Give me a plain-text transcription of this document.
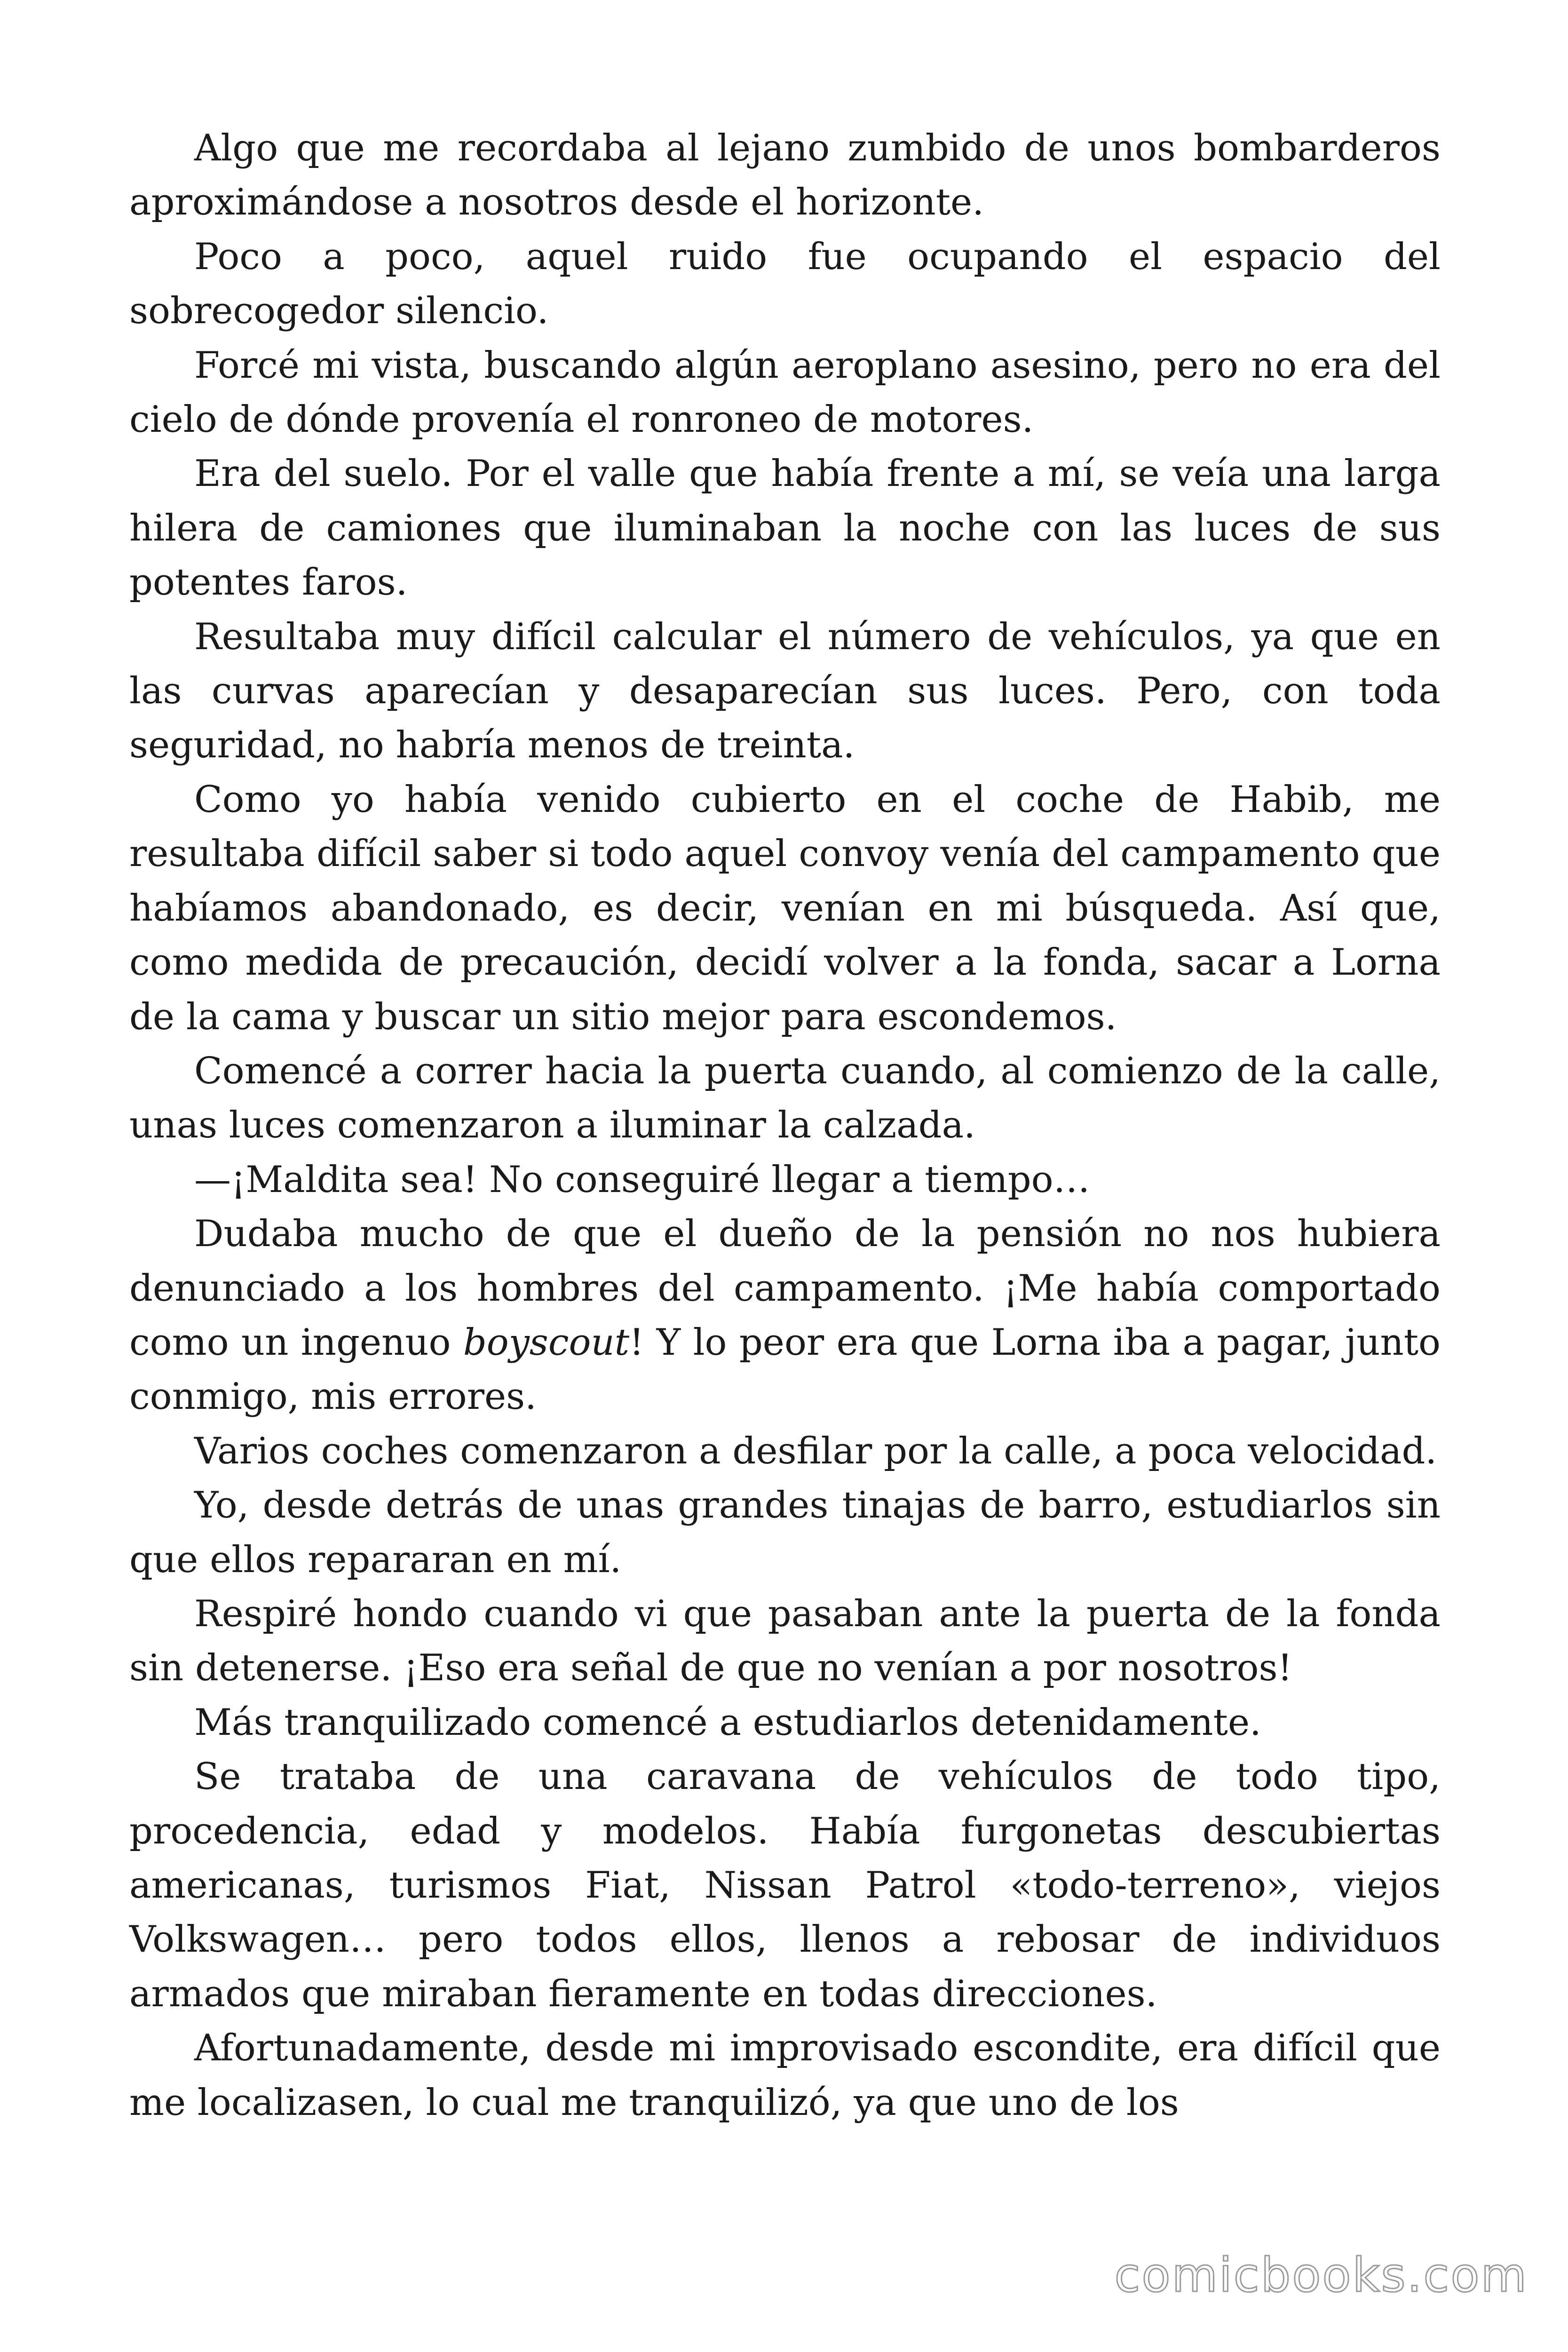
Algo que me recordaba al lejano zumbido de unos bombarderos aproximándose a nosotros desde el horizonte.

Poco a poco, aquel ruido fue ocupando el espacio del sobrecogedor silencio.

Forcé mi vista, buscando algún aeroplano asesino, pero no era del cielo de dónde provenía el ronroneo de motores.

Era del suelo. Por el valle que había frente a mí, se veía una larga hilera de camiones que iluminaban la noche con las luces de sus potentes faros.

Resultaba muy difícil calcular el número de vehículos, ya que en las curvas aparecían y desaparecían sus luces. Pero, con toda seguridad, no habría menos de treinta.

Como yo había venido cubierto en el coche de Habib, me resultaba difícil saber si todo aquel convoy venía del campamento que habíamos abandonado, es decir, venían en mi búsqueda. Así que, como medida de precaución, decidí volver a la fonda, sacar a Lorna de la cama y buscar un sitio mejor para escondemos.

Comencé a correr hacia la puerta cuando, al comienzo de la calle, unas luces comenzaron a iluminar la calzada.

—¡Maldita sea! No conseguiré llegar a tiempo…

Dudaba mucho de que el dueño de la pensión no nos hubiera denunciado a los hombres del campamento. ¡Me había comportado como un ingenuo boyscout! Y lo peor era que Lorna iba a pagar, junto conmigo, mis errores.

Varios coches comenzaron a desfilar por la calle, a poca velocidad.

Yo, desde detrás de unas grandes tinajas de barro, estudiarlos sin que ellos repararan en mí.

Respiré hondo cuando vi que pasaban ante la puerta de la fonda sin detenerse. ¡Eso era señal de que no venían a por nosotros!

Más tranquilizado comencé a estudiarlos detenidamente.

Se trataba de una caravana de vehículos de todo tipo, procedencia, edad y modelos. Había furgonetas descubiertas americanas, turismos Fiat, Nissan Patrol «todo-terreno», viejos Volkswagen… pero todos ellos, llenos a rebosar de individuos armados que miraban fieramente en todas direcciones.

Afortunadamente, desde mi improvisado escondite, era difícil que me localizasen, lo cual me tranquilizó, ya que uno de los

comicbooks.com
